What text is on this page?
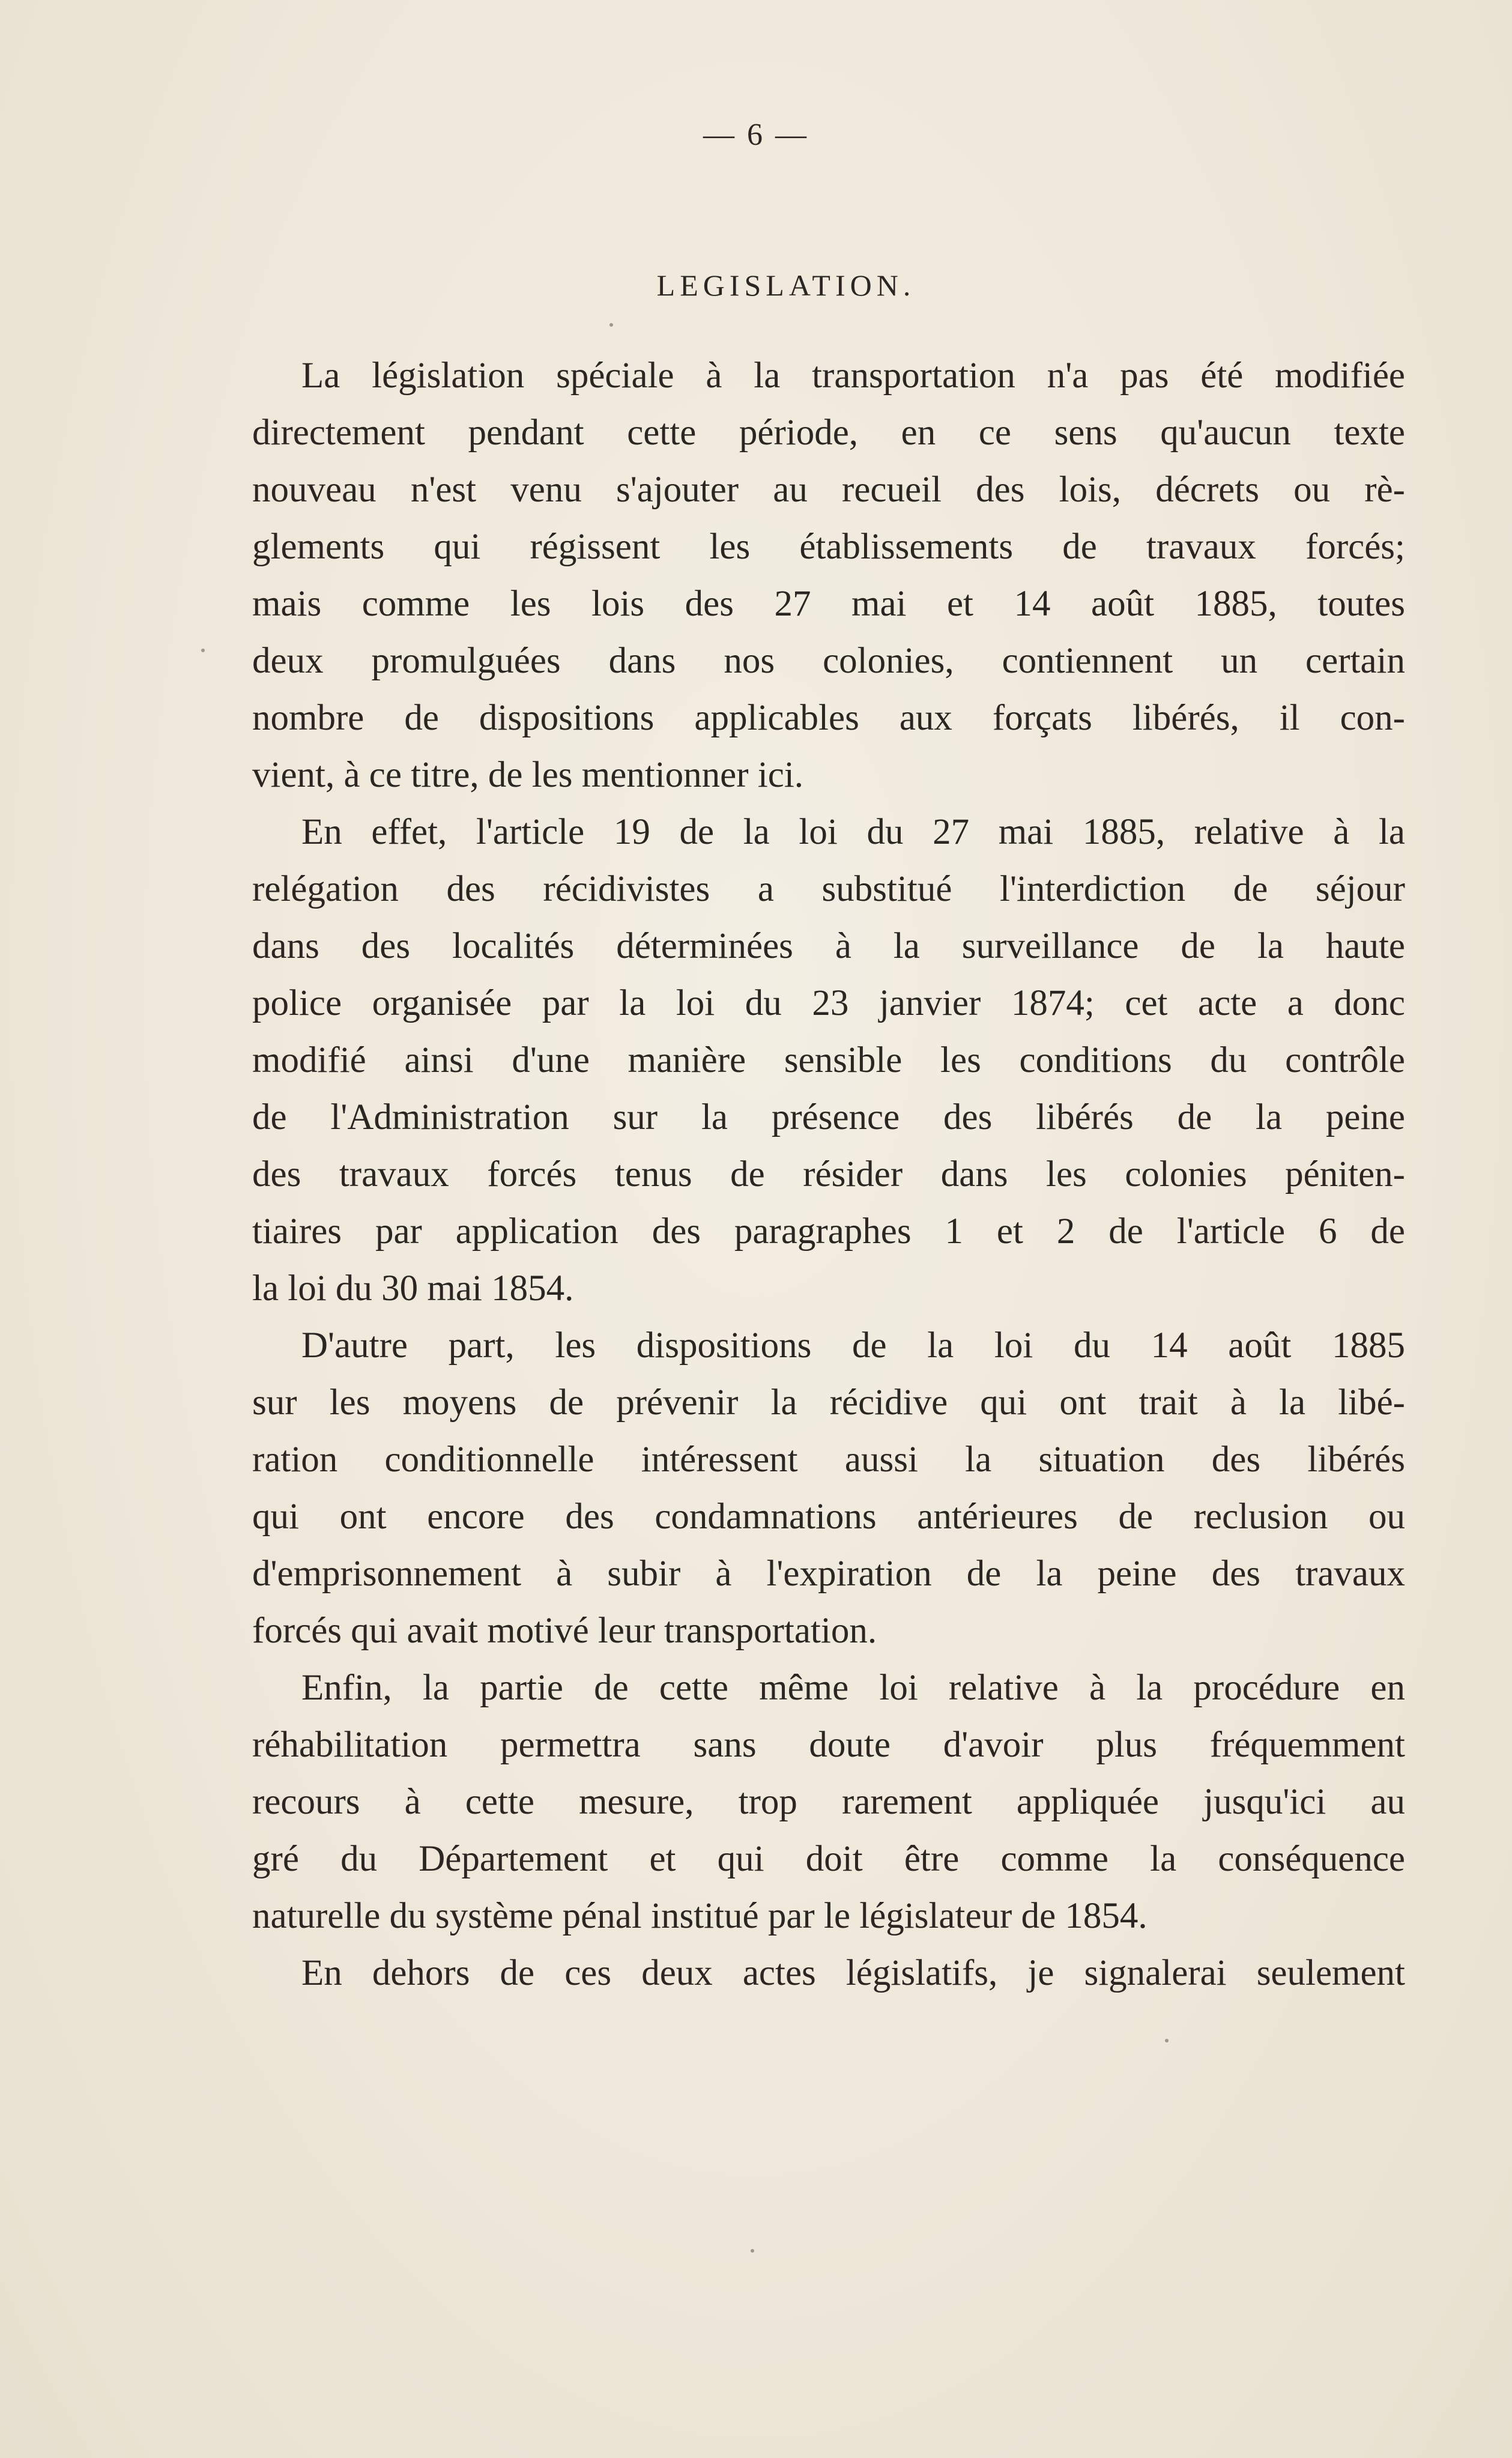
— 6 —
LEGISLATION.
La législation spéciale à la transportation n'a pas été modifiée
directement pendant cette période, en ce sens qu'aucun texte
nouveau n'est venu s'ajouter au recueil des lois, décrets ou rè-
glements qui régissent les établissements de travaux forcés;
mais comme les lois des 27 mai et 14 août 1885, toutes
deux promulguées dans nos colonies, contiennent un certain
nombre de dispositions applicables aux forçats libérés, il con-
vient, à ce titre, de les mentionner ici.
En effet, l'article 19 de la loi du 27 mai 1885, relative à la
relégation des récidivistes a substitué l'interdiction de séjour
dans des localités déterminées à la surveillance de la haute
police organisée par la loi du 23 janvier 1874; cet acte a donc
modifié ainsi d'une manière sensible les conditions du contrôle
de l'Administration sur la présence des libérés de la peine
des travaux forcés tenus de résider dans les colonies péniten-
tiaires par application des paragraphes 1 et 2 de l'article 6 de
la loi du 30 mai 1854.
D'autre part, les dispositions de la loi du 14 août 1885
sur les moyens de prévenir la récidive qui ont trait à la libé-
ration conditionnelle intéressent aussi la situation des libérés
qui ont encore des condamnations antérieures de reclusion ou
d'emprisonnement à subir à l'expiration de la peine des travaux
forcés qui avait motivé leur transportation.
Enfin, la partie de cette même loi relative à la procédure en
réhabilitation permettra sans doute d'avoir plus fréquemment
recours à cette mesure, trop rarement appliquée jusqu'ici au
gré du Département et qui doit être comme la conséquence
naturelle du système pénal institué par le législateur de 1854.
En dehors de ces deux actes législatifs, je signalerai seulement
